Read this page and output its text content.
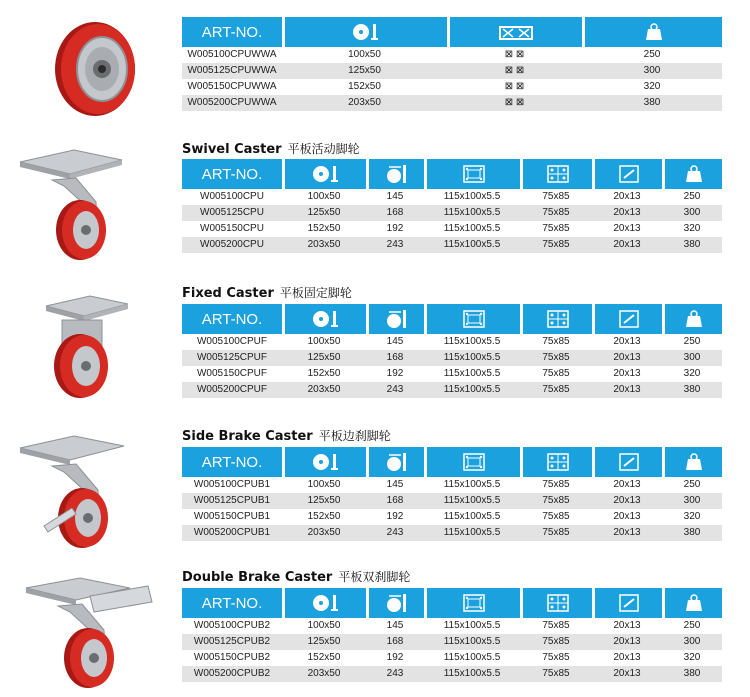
ART-NO.			
W005100CPUWWA	100x50	⊠ ⊠	250
W005125CPUWWA	125x50	⊠ ⊠	300
W005150CPUWWA	152x50	⊠ ⊠	320
W005200CPUWWA	203x50	⊠ ⊠	380
Swivel Caster 平板活动脚轮
Fixed Caster 平板固定脚轮
Side Brake Caster 平板边刹脚轮
Double Brake Caster 平板双刹脚轮
ART-NO.						
W005100CPU	100x50	145	115x100x5.5	75x85	20x13	250
W005125CPU	125x50	168	115x100x5.5	75x85	20x13	300
W005150CPU	152x50	192	115x100x5.5	75x85	20x13	320
W005200CPU	203x50	243	115x100x5.5	75x85	20x13	380
ART-NO.						
W005100CPUF	100x50	145	115x100x5.5	75x85	20x13	250
W005125CPUF	125x50	168	115x100x5.5	75x85	20x13	300
W005150CPUF	152x50	192	115x100x5.5	75x85	20x13	320
W005200CPUF	203x50	243	115x100x5.5	75x85	20x13	380
ART-NO.						
W005100CPUB1	100x50	145	115x100x5.5	75x85	20x13	250
W005125CPUB1	125x50	168	115x100x5.5	75x85	20x13	300
W005150CPUB1	152x50	192	115x100x5.5	75x85	20x13	320
W005200CPUB1	203x50	243	115x100x5.5	75x85	20x13	380
ART-NO.						
W005100CPUB2	100x50	145	115x100x5.5	75x85	20x13	250
W005125CPUB2	125x50	168	115x100x5.5	75x85	20x13	300
W005150CPUB2	152x50	192	115x100x5.5	75x85	20x13	320
W005200CPUB2	203x50	243	115x100x5.5	75x85	20x13	380
